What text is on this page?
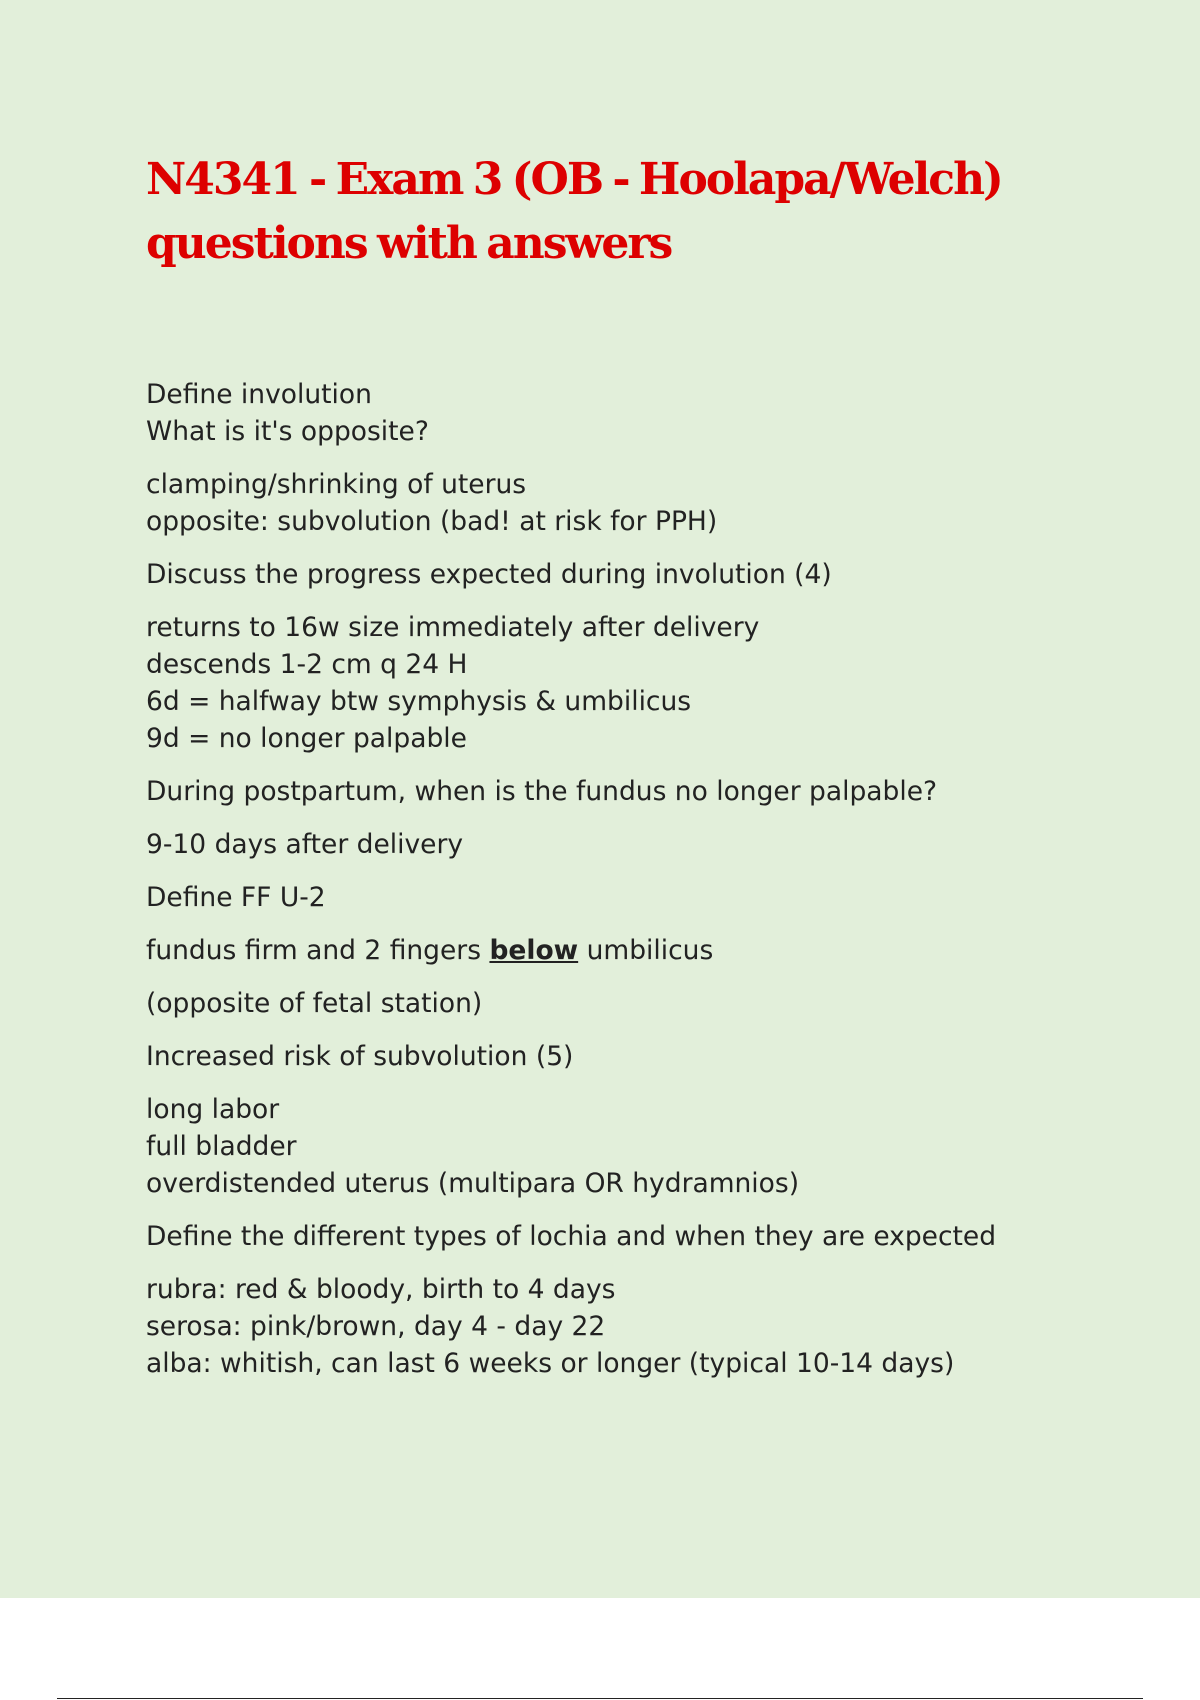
N4341 - Exam 3 (OB - Hoolapa/Welch) questions with answers

Define involution
What is it's opposite?

clamping/shrinking of uterus
opposite: subvolution (bad! at risk for PPH)

Discuss the progress expected during involution (4)

returns to 16w size immediately after delivery
descends 1-2 cm q 24 H
6d = halfway btw symphysis & umbilicus
9d = no longer palpable

During postpartum, when is the fundus no longer palpable?

9-10 days after delivery

Define FF U-2

fundus firm and 2 fingers below umbilicus

(opposite of fetal station)

Increased risk of subvolution (5)

long labor
full bladder
overdistended uterus (multipara OR hydramnios)

Define the different types of lochia and when they are expected

rubra: red & bloody, birth to 4 days
serosa: pink/brown, day 4 - day 22
alba: whitish, can last 6 weeks or longer (typical 10-14 days)
